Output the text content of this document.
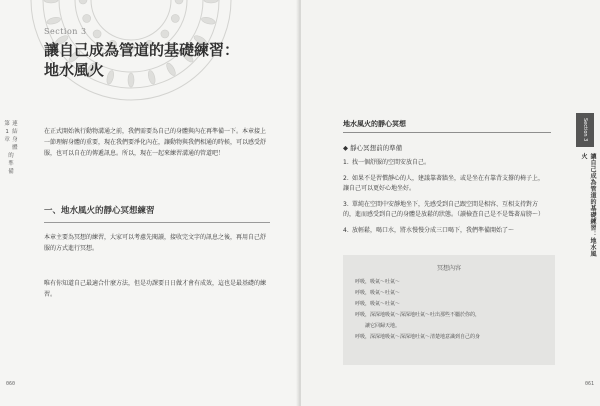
Section 3
讓自己成為管道的基礎練習：
地水風火
第1章 連結身體 的準備
在正式開始執行動物溝通之前，我們需要為自己的身體與內在再準備一下。本章接上一節理解身體的重要，現在我們要淨化內在，讓動物與我們相通的時候，可以感受舒服，也可以自在的傳遞訊息。所以，現在一起來練習溝通的管道吧！
一、地水風火的靜心冥想練習
本章主要為冥想的練習，大家可以考慮先閱讀，接收完文字的訊息之後，再用自己舒服的方式進行冥想。
唯有你知道自己最適合什麼方法，但是功課要日日做才會有成效，這也是最基礎的練習。
060
地水風火的靜心冥想
◆ 靜心冥想前的準備
1. 找一個舒服的空間安放自己。
2. 如果不是習慣靜心的人，建議靠著牆坐，或是坐在有靠背支撐的椅子上，讓自己可以更好心地坐好。
3. 單純在空間中安靜地坐下，先感受到自己跟空間是相容、互相支持對方的，進而感受到自己的身體是放鬆的狀態。（讀檢查自己是不是聳著肩膀～）
4. 放輕鬆，喝口水，將水慢慢分成三口喝下，我們準備開始了～
Section 3
讓自己成為管道的基礎練習：地水風火
冥想內容
呼吸，吸氣～吐氣～
呼吸，吸氣～吐氣～
呼吸，吸氣～吐氣～
呼吸，深深地吸氣～深深地吐氣～吐出那些不屬於你的，
讓它回歸天地。
呼吸，深深地吸氣～深深地吐氣～清楚地意識到自己的身
061
